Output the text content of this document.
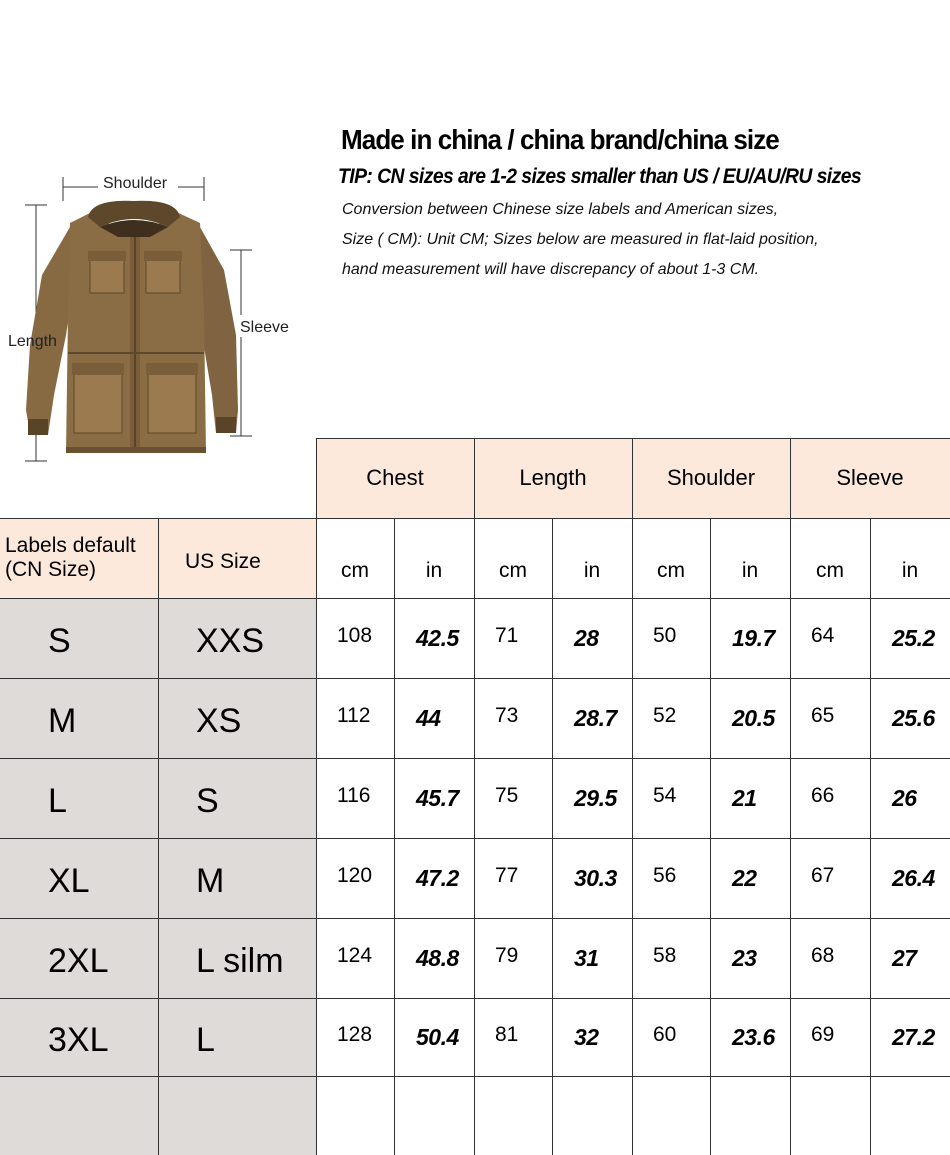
Made in china / china brand/china size
TIP: CN sizes are 1-2 sizes smaller than US / EU/AU/RU sizes
Conversion between Chinese size labels and American sizes,
Size ( CM): Unit CM; Sizes below are measured in flat-laid position,
hand measurement will have discrepancy of about 1-3 CM.
Shoulder
Length
Sleeve
Chest	Length	Shoulder	Sleeve
Labels default
(CN Size)	US Size	cm	in	cm	in	cm	in	cm	in
S	XXS	108	42.5	71	28	50	19.7	64	25.2
M	XS	112	44	73	28.7	52	20.5	65	25.6
L	S	116	45.7	75	29.5	54	21	66	26
XL	M	120	47.2	77	30.3	56	22	67	26.4
2XL	L silm	124	48.8	79	31	58	23	68	27
3XL	L	128	50.4	81	32	60	23.6	69	27.2
